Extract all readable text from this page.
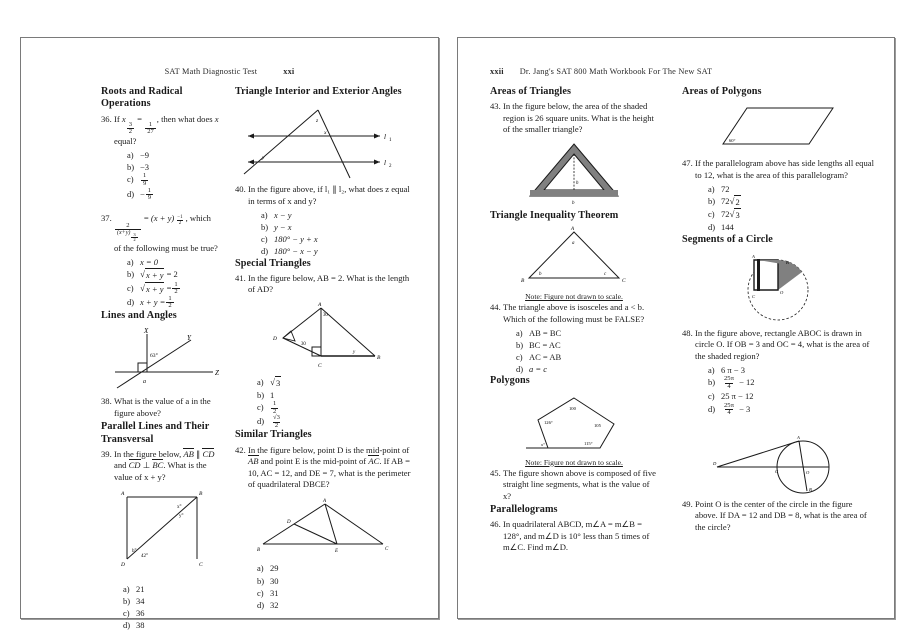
SAT Math Diagnostic Test	xxi
Roots and Radical Operations
36. If x
$\frac{3}{2}$
=
$\frac{1}{27}$
, then what does x equal?
a) −9
b) −3
c)	$\frac{1}{9}$
$d) - \frac{1}{9}$
37.
$\frac{2}{(x+y) \frac{3}{2}}$
= $(x + y) \frac{-1}{2}$ , which of the following must be true?
a) x = 0
b) √ x + y
= 2
c) √ x + y
= $\frac{1}{2}$
d) $x + y = \frac{1}{2}$
Lines and Angles
X
Y
Z
63°
a
38. What is the value of a in the figure above?
Parallel Lines and Their Transversal
39. In the figure below, AB ∥ CD and CD ⊥ BC. What is the value of x + y?
A	B
D	C
x°
y°
b°
42°
a) 21
b) 34
c) 36
d) 38
Triangle Interior and Exterior Angles
z
x
y
l 1
l 2
40. In the figure above, if l₁ ∥ l₂, what does z equal in terms of x and y?
a) x − y
b) y − x
c) 180° − y + x
d) 180° − x − y
Special Triangles
41. In the figure below, AB = 2. What is the length of AD?
A
B
C
D
30
30
y
a) √ 3
b) 1
c)	$\frac{1}{2}$
d)	$\frac{√3}{2}$
Similar Triangles
42. In the figure below, point D is the mid-point of AB and point E is the mid-point of AC. If AB = 10, AC = 12, and DE = 7, what is the perimeter of quadrilateral DBCE?
A
B	C
D
E
a) 29
b) 30
c) 31
d) 32
xxii Dr. Jang's SAT 800 Math Workbook For The New SAT
Areas of Triangles
43. In the figure below, the area of the shaded region is 26 square units. What is the height of the smaller triangle?
h
b
Triangle Inequality Theorem
A
B	C
a
b	c
Note: Figure not drawn to scale.
44. The triangle above is isosceles and a < b. Which of the following must be FALSE?
a) AB = BC
b) BC = AC
c) AC = AB
d) a = c
Polygons
100
126°
105
115°
x°
Note: Figure not drawn to scale.
45. The figure shown above is composed of five straight line segments, what is the value of x?
Parallelograms
46. In quadrilateral ABCD, m∠A = m∠B = 128°, and m∠D is 10° less than 5 times of m∠C. Find m∠D.
Areas of Polygons
60°
47. If the parallelogram above has side lengths all equal to 12, what is the area of this parallelogram?
a) 72
b) 72 √ 2
c) 72 √ 3
d) 144
Segments of a Circle
A
B
C
O
48. In the figure above, rectangle ABOC is drawn in circle O. If OB = 3 and OC = 4, what is the area of the shaded region?
a) 6 π − 3
b)	$\frac{25\pi}{4}$
− 12
c) 25 π − 12
d)	$\frac{25\pi}{4}$
− 3
A
D
C	O
B
49. Point O is the center of the circle in the figure above. If DA = 12 and DB = 8, what is the area of the circle?
